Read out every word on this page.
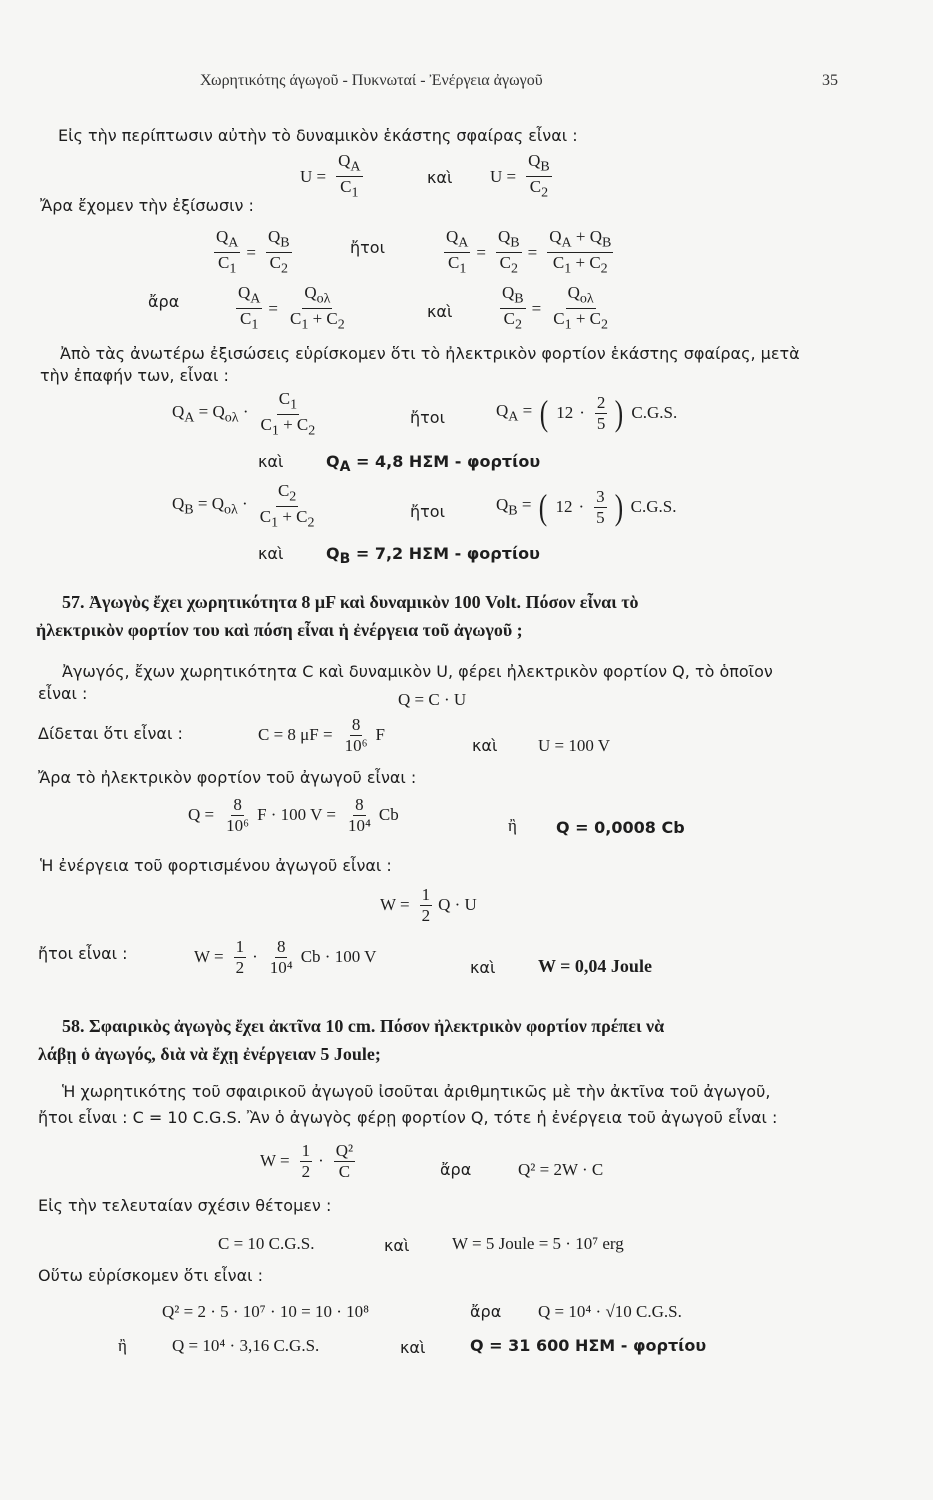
Χωρητικότης άγωγοῦ - Πυκνωταί - Ἐνέργεια ἀγωγοῦ	35
Εἰς τὴν περίπτωσιν αὐτὴν τὸ δυναμικὸν ἑκάστης σφαίρας εἶναι :
$U = \frac{Q_A}{C_1}$	καὶ $U = \frac{Q_B}{C_2}$
Ἄρα ἔχομεν τὴν ἐξίσωσιν :
$\frac{Q_A}{C_1} = \frac{Q_B}{C_2}$	ἤτοι	$\frac{Q_A}{C_1} = \frac{Q_B}{C_2} = \frac{Q_A + Q_B}{C_1 + C_2}$
ἄρα	$\frac{Q_A}{C_1} = \frac{Q_{o\lambda}}{C_1 + C_2}$	καὶ	$\frac{Q_B}{C_2} = \frac{Q_{o\lambda}}{C_1 + C_2}$
Ἀπὸ τὰς ἀνωτέρω ἐξισώσεις εὑρίσκομεν ὅτι τὸ ἠλεκτρικὸν φορτίον ἑκάστης σφαίρας, μετὰ
τὴν ἐπαφήν των, εἶναι :
$Q_A = Q_{o\lambda} \cdot \frac{C_1}{C_1 + C_2}$	ἤτοι	$Q_A$ = ( $12 \cdot \frac{2}{5}$ ) C.G.S.
καὶ	$Q_A = 4,8$ ΗΣΜ - φορτίου
$Q_B = Q_{o\lambda} \cdot \frac{C_2}{C_1 + C_2}$	ἤτοι	$Q_B$ = ( $12 \cdot \frac{3}{5}$ ) C.G.S.
καὶ	$Q_B = 7,2$ ΗΣΜ - φορτίου
57. Ἀγωγὸς ἔχει χωρητικότητα 8 μF καὶ δυναμικὸν 100 Volt. Πόσον εἶναι τὸ
ἠλεκτρικὸν φορτίον του καὶ πόση εἶναι ἡ ἐνέργεια τοῦ ἀγωγοῦ ;
Ἀγωγός, ἔχων χωρητικότητα C καὶ δυναμικὸν U, φέρει ἠλεκτρικὸν φορτίον Q, τὸ ὁποῖον
εἶναι :	Q = C · U
Δίδεται ὅτι εἶναι :	C = 8 $\mu F = \frac{8}{\text{10⁶}}$ F
καὶ U = 100 V
Ἄρα τὸ ἠλεκτρικὸν φορτίον τοῦ ἀγωγοῦ εἶναι :
$Q = \frac{8}{\text{10⁶}}$ F · 100 $V = \frac{8}{\text{10⁴}}$ Cb
ἢ Q = 0,0008 Cb
Ἡ ἐνέργεια τοῦ φορτισμένου ἀγωγοῦ εἶναι :
$W = \frac{1}{2}$ Q · U
ἤτοι εἶναι :	$W = \frac{1}{2} \cdot \frac{8}{\text{10⁴}}$ Cb · 100 V
καὶ W = 0,04 Joule
58. Σφαιρικὸς ἀγωγὸς ἔχει ἀκτῖνα 10 cm. Πόσον ἠλεκτρικὸν φορτίον πρέπει νὰ
λάβῃ ὁ ἀγωγός, διὰ νὰ ἔχῃ ἐνέργειαν 5 Joule;
Ἡ χωρητικότης τοῦ σφαιρικοῦ ἀγωγοῦ ἰσοῦται ἀριθμητικῶς μὲ τὴν ἀκτῖνα τοῦ ἀγωγοῦ,
ἤτοι εἶναι : C = 10 C.G.S. Ἂν ὁ ἀγωγὸς φέρῃ φορτίον Q, τότε ἡ ἐνέργεια τοῦ ἀγωγοῦ εἶναι :
$W = \frac{1}{2} \cdot \frac{\text{Q²}}{C}$	ἄρα	Q² = 2W · C
Εἰς τὴν τελευταίαν σχέσιν θέτομεν :
C = 10 C.G.S.	καὶ	W = 5 Joule = 5 · 10⁷ erg
Οὕτω εὑρίσκομεν ὅτι εἶναι :
Q² = 2 · 5 · 10⁷ · 10 = 10 · 10⁸	ἄρα Q = 10⁴ · √10 C.G.S.
ἢ	Q = 10⁴ · 3,16 C.G.S.	καὶ	Q = 31 600 ΗΣΜ - φορτίου
